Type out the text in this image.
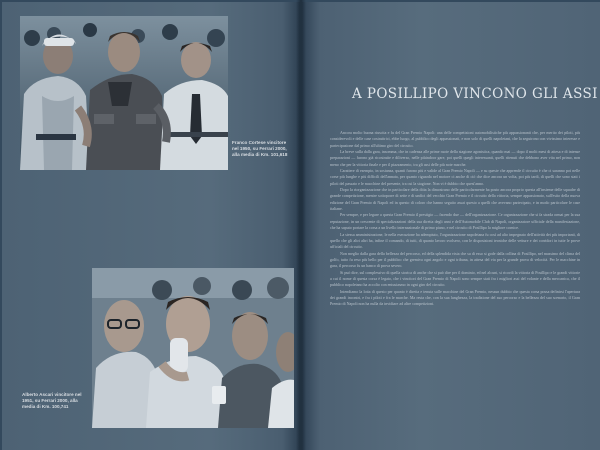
Franco Cortese vincitore nel 1950, su Ferrari 2000, alla media di Km. 101,618
Alberto Ascari vincitore nel 1951, su Ferrari 2000, alla media di Km. 100,741
A POSILLIPO VINCONO GLI ASSI

Ancora molto buona riuscita e fu del Gran Premio Napoli: una delle competizioni automobilistiche più appassionanti che, per merito dei piloti, più considerevoli e delle case costruttrici, ebbe luogo, al pubblico degli appassionati, e non solo di quelli napoletani, che la seguirono con vivissimo interesse e partecipazione dal primo all'ultimo giro del circuito.

La breve sulla dalla gara, insomma, che in cadenza alle prime ruote della stagione agonistica, quando mai — dopo il molti mesi di attesa e di intense preparazioni — furono già ricostruite e diliverso, nelle piùindoor gare, poi quelli quegli interessanti, quelli ritenuti che debbono aver vita nel primo, non meno che per la vittoria finale e per il piazzamento, tra gli assi delle più note marche.

Carattere di esempio, in sostanza, quanti furono più e valide al Gran Premio Napoli — e su queste che apprende il circuito è che ci saranno poi nelle corse più lunghe e più difficili dell'annata, per quanto riguarda nel motore ci anche di ciò che dice ancora un volta, poi più tardi, di quelli che sono stati i piloti del passato e le macchine del presente, tra cui la stagione. Non vi è dubbio che quest'anno.

Dopo la riorganizzazione che in particolare della ditta la dimostrano delle particolarmente ha posto ancora proprio questa all'insieme delle squadre di grande competizione, mentre sottoporre di sette e di undici del vecchio Gran Premio e il circuito della vittoria, sempre appassionato, sull'esito della nuova edizione del Gran Premio di Napoli ed in questo di coloro che hanno seguito assai questo a quelli che avevano partecipato, e in modo particolare le case italiane.

Per sempre, e per legare a questa Gran Premio il prestigio — facendo due — dell'organizzazione. Ce organizzazione che si fa strada ormai per la sua reputazione, in un crescente di specializzazioni della sua diretta degli anni e dell'Automobile Club di Napoli, organizzatore ufficiale della manifestazione, che ha saputo portare la corsa a un livello internazionale di primo piano, e nel circuito di Posillipo la migliore cornice.

La stessa amministrazione, le nella esecuzione ha adempiuto, l'organizzazione napoletana fu così ad alto impegnato dell'attività dei più importanti, di quello che gli altri altri ha, infine il comando, di tutti, di quanto lavoro svolsero, con le disposizioni tecniche delle vetture e dei corridori in tutte le prove ufficiali del circuito.

Non meglio dalla gara della bellezza del percorso, ed della splendida vista che su di esso si gode dalla collina di Posillipo, nel massimo del clima del golfo, tutto fu reso più bello per il pubblico che gremiva ogni angolo e ogni tribuna, in attesa del via per la grande prova di velocità. Per le macchine in gara, il percorso fu un banco di prova severo.

Si può dire, sul complessivo di quella storica di anche che si può dire per il dominio, ed nel alcuni, si ricordi la vittoria di Posillipo e le grandi vittorie a cui il nome di questa corsa è legato, che i vincitori del Gran Premio di Napoli sono sempre stati fra i migliori assi del volante e della meccanica, che il pubblico napoletano ha accolto con entusiasmo in ogni giro del circuito.

Intendiamo la lotta di questo per quanto è diretta e tenuta sulle macchine del Gran Premio, nessun dubbio che questa corsa possa definirsi l'apertura dei grandi incontri, e fra i piloti e fra le marche. Ma resta che, con la sua lunghezza, la tradizione del suo percorso e la bellezza del suo scenario, il Gran Premio di Napoli non ha nulla da invidiare ad altre competizioni.
